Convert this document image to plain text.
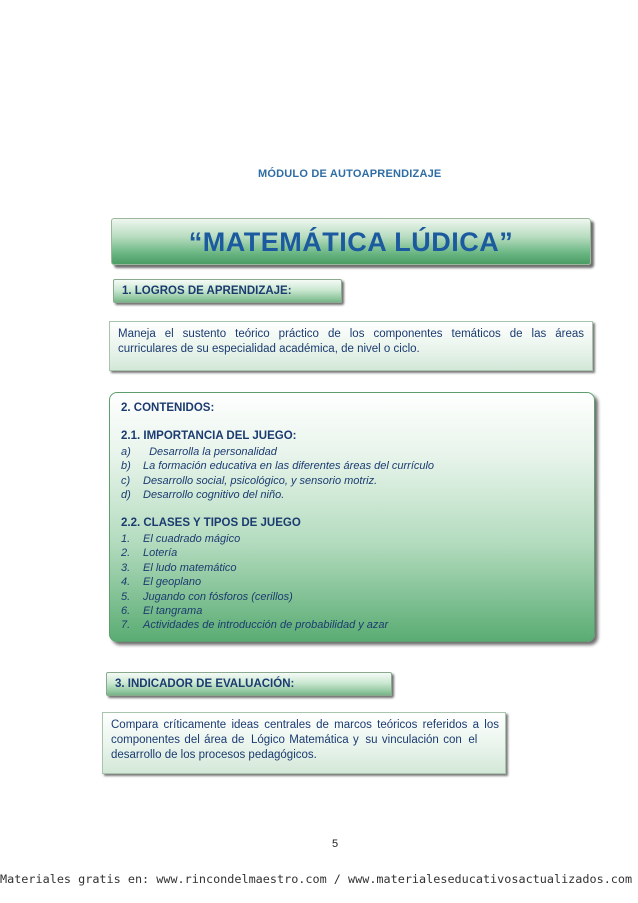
MÓDULO DE AUTOAPRENDIZAJE
“MATEMÁTICA LÚDICA”
1. LOGROS DE APRENDIZAJE:
Maneja el sustento teórico práctico de los componentes temáticos de las áreas
curriculares de su especialidad académica, de nivel o ciclo.
2. CONTENIDOS:
2.1. IMPORTANCIA DEL JUEGO:
a)  Desarrolla la personalidad
b) La formación educativa en las diferentes áreas del currículo
c) Desarrollo social, psicológico, y sensorio motriz.
d) Desarrollo cognitivo del niño.
2.2. CLASES Y TIPOS DE JUEGO
1. El cuadrado mágico
2. Lotería
3. El ludo matemático
4. El geoplano
5. Jugando con fósforos (cerillos)
6. El tangrama
7. Actividades de introducción de probabilidad y azar
3. INDICADOR DE EVALUACIÓN:
Compara críticamente ideas centrales de marcos teóricos referidos a los
componentes  del  área  de   Lógico  Matemática  y   su  vinculación  con   el
desarrollo de los procesos pedagógicos.
5
Materiales gratis en: www.rincondelmaestro.com / www.materialeseducativosactualizados.com
